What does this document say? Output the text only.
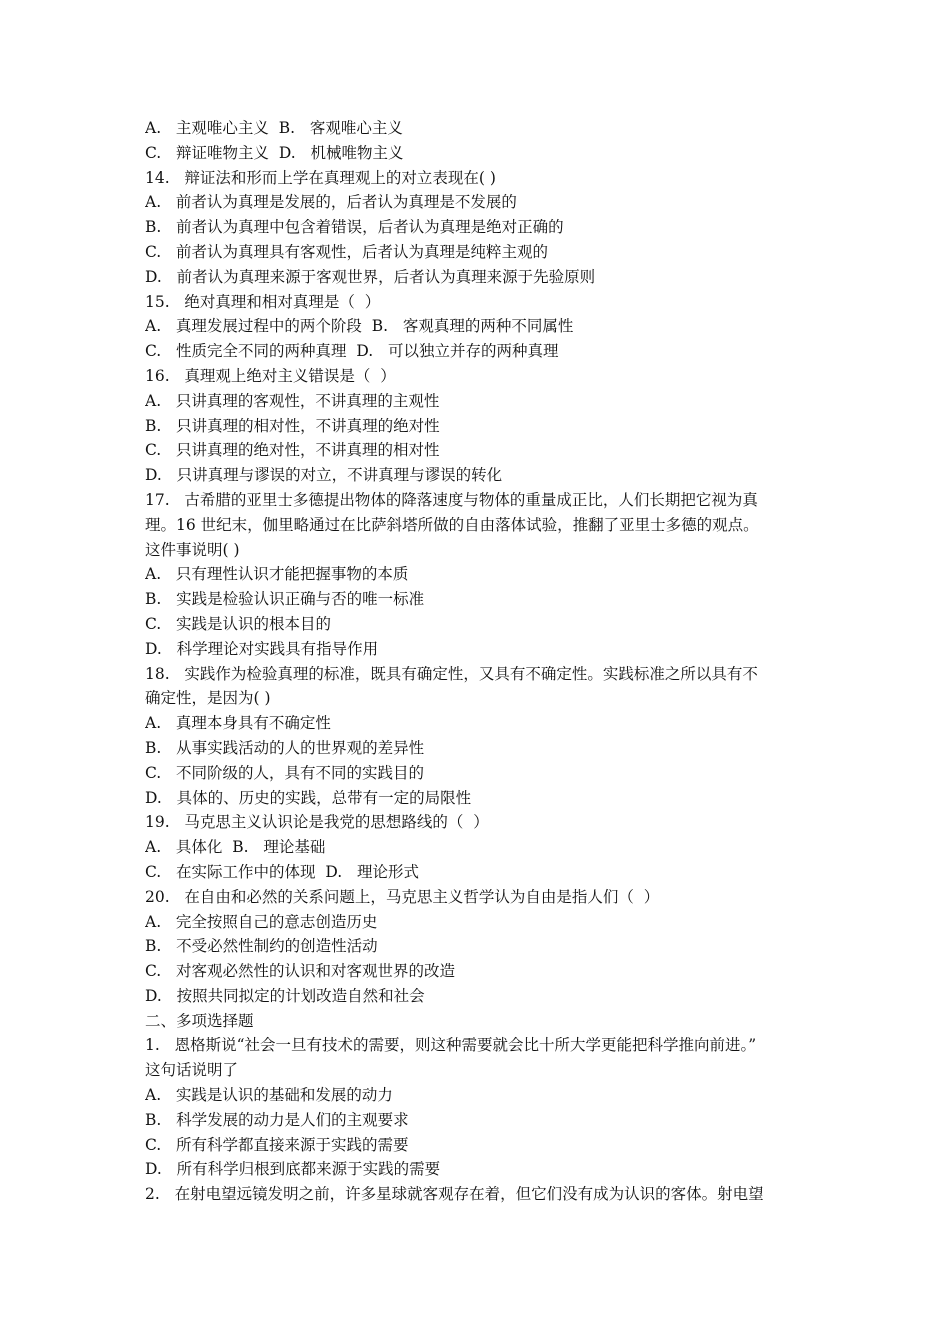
A.   主观唯心主义  B.   客观唯心主义
C.   辩证唯物主义  D.   机械唯物主义
14.   辩证法和形而上学在真理观上的对立表现在( )
A.   前者认为真理是发展的，后者认为真理是不发展的
B.   前者认为真理中包含着错误，后者认为真理是绝对正确的
C.   前者认为真理具有客观性，后者认为真理是纯粹主观的
D.   前者认为真理来源于客观世界，后者认为真理来源于先验原则
15.   绝对真理和相对真理是（  ）
A.   真理发展过程中的两个阶段  B.   客观真理的两种不同属性
C.   性质完全不同的两种真理  D.   可以独立并存的两种真理
16.   真理观上绝对主义错误是（  ）
A.   只讲真理的客观性，不讲真理的主观性
B.   只讲真理的相对性，不讲真理的绝对性
C.   只讲真理的绝对性，不讲真理的相对性
D.   只讲真理与谬误的对立，不讲真理与谬误的转化
17.   古希腊的亚里士多德提出物体的降落速度与物体的重量成正比，人们长期把它视为真
理。16 世纪末，伽里略通过在比萨斜塔所做的自由落体试验，推翻了亚里士多德的观点。
这件事说明( )
A.   只有理性认识才能把握事物的本质
B.   实践是检验认识正确与否的唯一标准
C.   实践是认识的根本目的
D.   科学理论对实践具有指导作用
18.   实践作为检验真理的标准，既具有确定性，又具有不确定性。实践标准之所以具有不
确定性，是因为( )
A.   真理本身具有不确定性
B.   从事实践活动的人的世界观的差异性
C.   不同阶级的人，具有不同的实践目的
D.   具体的、历史的实践，总带有一定的局限性
19.   马克思主义认识论是我党的思想路线的（  ）
A.   具体化  B.   理论基础
C.   在实际工作中的体现  D.   理论形式
20.   在自由和必然的关系问题上，马克思主义哲学认为自由是指人们（  ）
A.   完全按照自己的意志创造历史
B.   不受必然性制约的创造性活动
C.   对客观必然性的认识和对客观世界的改造
D.   按照共同拟定的计划改造自然和社会
二、多项选择题
1.   恩格斯说“社会一旦有技术的需要，则这种需要就会比十所大学更能把科学推向前进。”
这句话说明了
A.   实践是认识的基础和发展的动力
B.   科学发展的动力是人们的主观要求
C.   所有科学都直接来源于实践的需要
D.   所有科学归根到底都来源于实践的需要
2.   在射电望远镜发明之前，许多星球就客观存在着，但它们没有成为认识的客体。射电望
